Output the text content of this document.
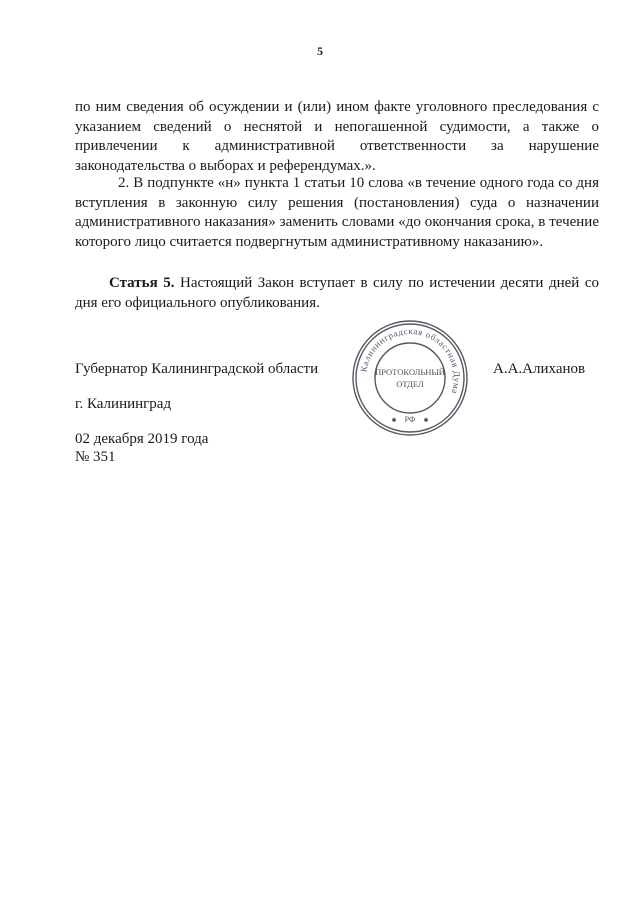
5
по ним сведения об осуждении и (или) ином факте уголовного преследования с указанием сведений о неснятой и непогашенной судимости, а также о привлечении к административной ответственности за нарушение законодательства о выборах и референдумах.».
2. В подпункте «н» пункта 1 статьи 10 слова «в течение одного года со дня вступления в законную силу решения (постановления) суда о назначении административного наказания» заменить словами «до окончания срока, в течение которого лицо считается подвергнутым административному наказанию».
Статья 5. Настоящий Закон вступает в силу по истечении десяти дней со дня его официального опубликования.
Губернатор Калининградской области	А.А.Алиханов
г. Калининград
02 декабря 2019 года
№ 351
Калининградская областная Дума
ПРОТОКОЛЬНЫЙ
ОТДЕЛ
РФ
✱	✱
